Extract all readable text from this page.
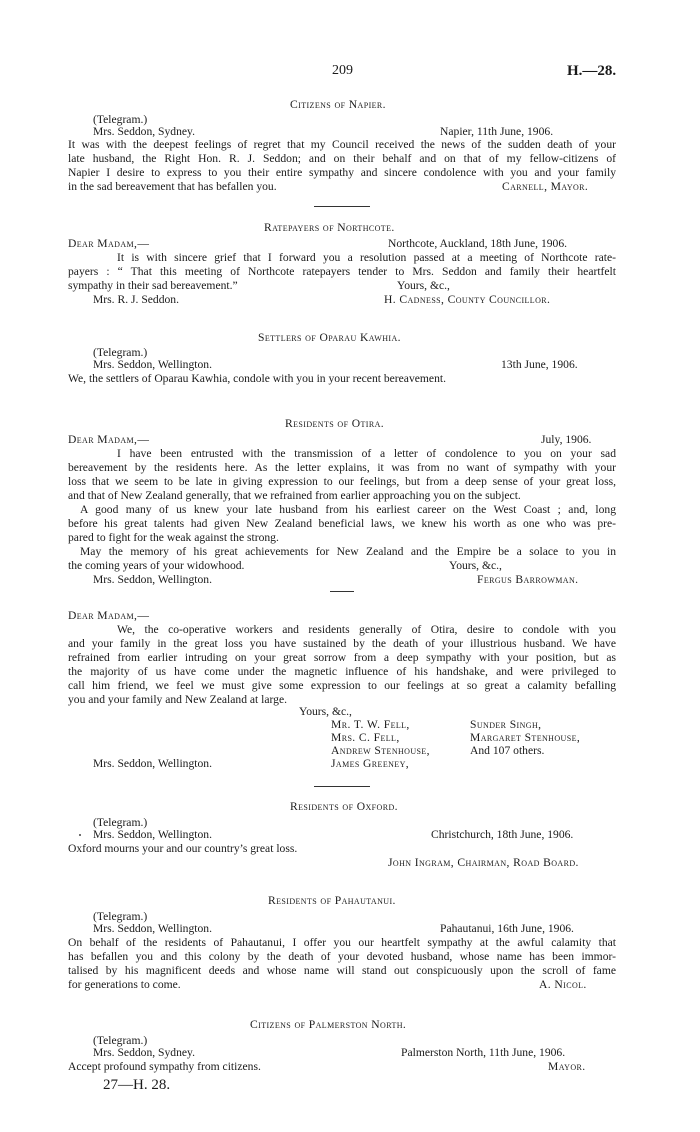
209	H.—28.
Citizens of Napier.
(Telegram.)
Mrs. Seddon, Sydney.	Napier, 11th June, 1906.
It was with the deepest feelings of regret that my Council received the news of the sudden death of your
late husband, the Right Hon. R. J. Seddon; and on their behalf and on that of my fellow-citizens of
Napier I desire to express to you their entire sympathy and sincere condolence with you and your family
in the sad bereavement that has befallen you.	Carnell, Mayor.
Ratepayers of Northcote.
Dear Madam,—	Northcote, Auckland, 18th June, 1906.
It is with sincere grief that I forward you a resolution passed at a meeting of Northcote rate-
payers : “ That this meeting of Northcote ratepayers tender to Mrs. Seddon and family their heartfelt
sympathy in their sad bereavement.”	Yours, &c.,
Mrs. R. J. Seddon.	H. Cadness, County Councillor.
Settlers of Oparau Kawhia.
(Telegram.)
Mrs. Seddon, Wellington.	13th June, 1906.
We, the settlers of Oparau Kawhia, condole with you in your recent bereavement.
Residents of Otira.
Dear Madam,—	July, 1906.
I have been entrusted with the transmission of a letter of condolence to you on your sad
bereavement by the residents here. As the letter explains, it was from no want of sympathy with your
loss that we seem to be late in giving expression to our feelings, but from a deep sense of your great loss,
and that of New Zealand generally, that we refrained from earlier approaching you on the subject.
A good many of us knew your late husband from his earliest career on the West Coast ; and, long
before his great talents had given New Zealand beneficial laws, we knew his worth as one who was pre-
pared to fight for the weak against the strong.
May the memory of his great achievements for New Zealand and the Empire be a solace to you in
the coming years of your widowhood.	Yours, &c.,
Mrs. Seddon, Wellington.	Fergus Barrowman.
Dear Madam,—
We, the co-operative workers and residents generally of Otira, desire to condole with you
and your family in the great loss you have sustained by the death of your illustrious husband. We have
refrained from earlier intruding on your great sorrow from a deep sympathy with your position, but as
the majority of us have come under the magnetic influence of his handshake, and were privileged to
call him friend, we feel we must give some expression to our feelings at so great a calamity befalling
you and your family and New Zealand at large.
Yours, &c.,
Mr. T. W. Fell,
Mrs. C. Fell,
Andrew Stenhouse,
James Greeney,
Sunder Singh,
Margaret Stenhouse,
And 107 others.
Mrs. Seddon, Wellington.
Residents of Oxford.
(Telegram.)
Mrs. Seddon, Wellington.	Christchurch, 18th June, 1906.
Oxford mourns your and our country’s great loss.
John Ingram, Chairman, Road Board.
Residents of Pahautanui.
(Telegram.)
Mrs. Seddon, Wellington.	Pahautanui, 16th June, 1906.
On behalf of the residents of Pahautanui, I offer you our heartfelt sympathy at the awful calamity that
has befallen you and this colony by the death of your devoted husband, whose name has been immor-
talised by his magnificent deeds and whose name will stand out conspicuously upon the scroll of fame
for generations to come.	A. Nicol.
Citizens of Palmerston North.
(Telegram.)
Mrs. Seddon, Sydney.	Palmerston North, 11th June, 1906.
Accept profound sympathy from citizens.	Mayor.
27—H. 28.
